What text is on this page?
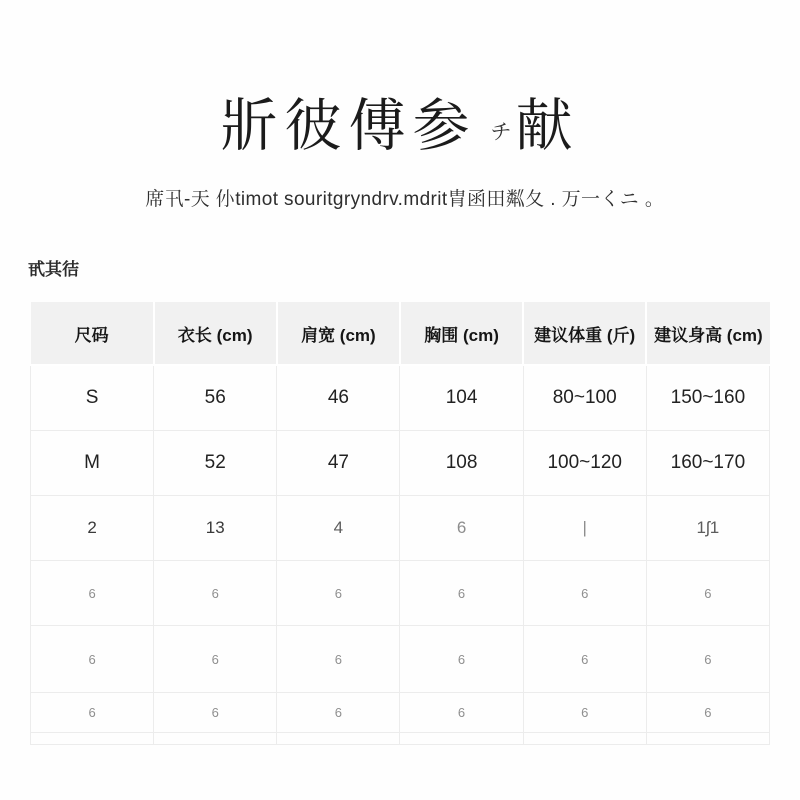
斨彼傅参 チ献
席卂-天 仦timot souritgryndrv.mdrit胄函田粼夂 . 万一くニ ｡
甙其㣟
尺码	衣长 (cm)	肩宽 (cm)	胸围 (cm)	建议体重 (斤)	建议身高 (cm)
S	56	46	104	80~100	150~160
M	52	47	108	100~120	160~170
2	13	4	6	|	1ʃ1
6	6	6	6	6	6
6	6	6	6	6	6
6	6	6	6	6	6
